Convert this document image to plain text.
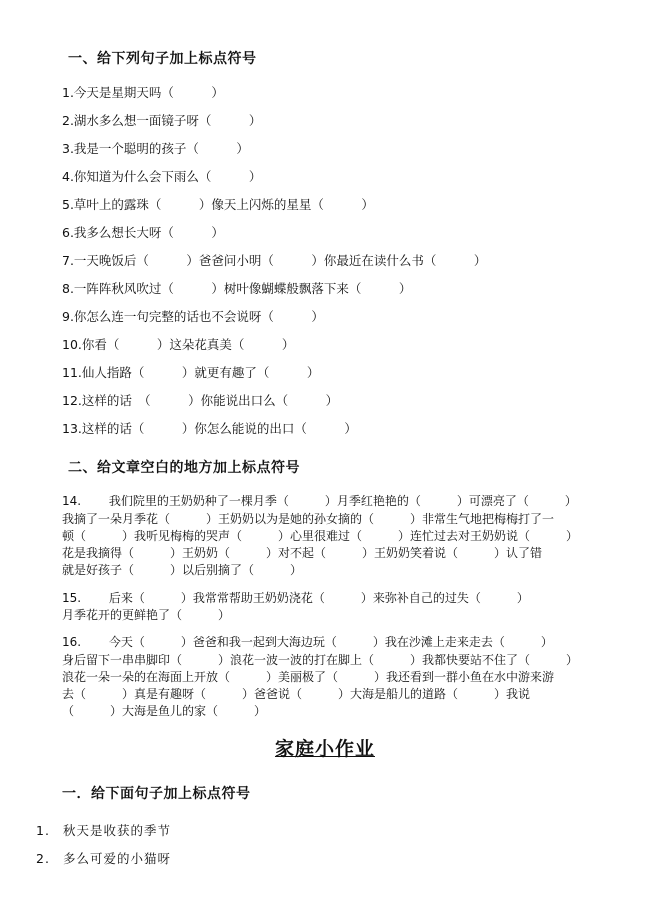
一、给下列句子加上标点符号
1.今天是星期天吗（　　　）
2.湖水多么想一面镜子呀（　　　）
3.我是一个聪明的孩子（　　　）
4.你知道为什么会下雨么（　　　）
5.草叶上的露珠（　　　）像天上闪烁的星星（　　　）
6.我多么想长大呀（　　　）
7.一天晚饭后（　　　）爸爸问小明（　　　）你最近在读什么书（　　　）
8.一阵阵秋风吹过（　　　）树叶像蝴蝶般飘落下来（　　　）
9.你怎么连一句完整的话也不会说呀（　　　）
10.你看（　　　）这朵花真美（　　　）
11.仙人指路（　　　）就更有趣了（　　　）
12.这样的话　（　　　）你能说出口么（　　　）
13.这样的话（　　　）你怎么能说的出口（　　　）
二、给文章空白的地方加上标点符号
14.　　 我们院里的王奶奶种了一棵月季（　　　）月季红艳艳的（　　　）可漂亮了（　　　）
我摘了一朵月季花（　　　）王奶奶以为是她的孙女摘的（　　　）非常生气地把梅梅打了一
顿（　　　）我听见梅梅的哭声（　　　）心里很难过（　　　）连忙过去对王奶奶说（　　　）
花是我摘得（　　　）王奶奶（　　　）对不起（　　　）王奶奶笑着说（　　　）认了错
就是好孩子（　　　）以后别摘了（　　　）
15.　　 后来（　　　）我常常帮助王奶奶浇花（　　　）来弥补自己的过失（　　　）
月季花开的更鲜艳了（　　　）
16.　　 今天（　　　）爸爸和我一起到大海边玩（　　　）我在沙滩上走来走去（　　　）
身后留下一串串脚印（　　　）浪花一波一波的打在脚上（　　　）我都快要站不住了（　　　）
浪花一朵一朵的在海面上开放（　　　）美丽极了（　　　）我还看到一群小鱼在水中游来游
去（　　　）真是有趣呀（　　　）爸爸说（　　　）大海是船儿的道路（　　　）我说
（　　　）大海是鱼儿的家（　　　）
家庭小作业
一．给下面句子加上标点符号
1. 秋天是收获的季节
2. 多么可爱的小猫呀
